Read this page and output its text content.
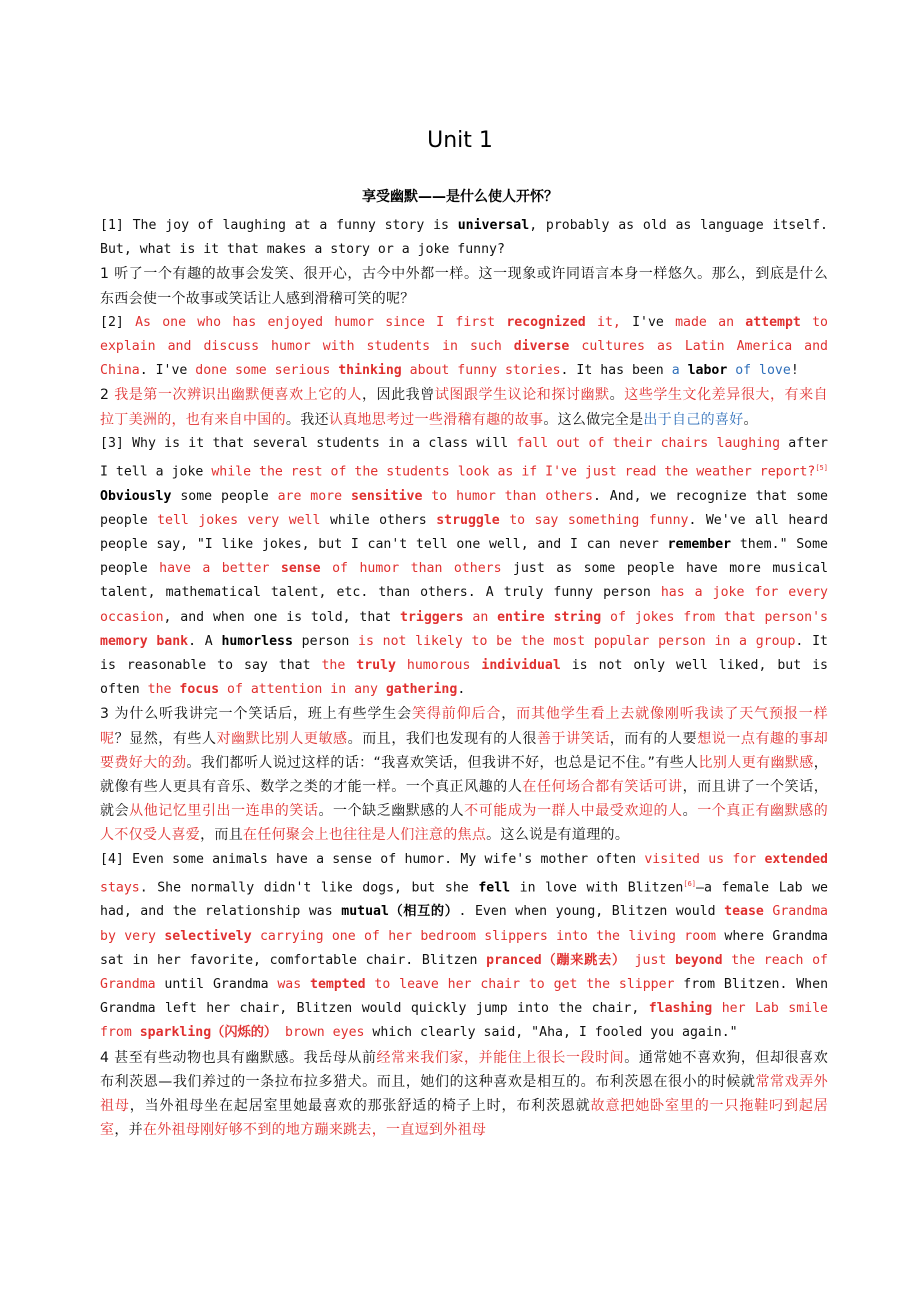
Unit 1
享受幽默——是什么使人开怀？

[1] The joy of laughing at a funny story is universal, probably as old as language itself. But, what is it that makes a story or a joke funny?

1 听了一个有趣的故事会发笑、很开心，古今中外都一样。这一现象或许同语言本身一样悠久。那么，到底是什么东西会使一个故事或笑话让人感到滑稽可笑的呢？

[2] As one who has enjoyed humor since I first recognized it, I've made an attempt to explain and discuss humor with students in such diverse cultures as Latin America and China. I've done some serious thinking about funny stories. It has been a labor of love!

2 我是第一次辨识出幽默便喜欢上它的人，因此我曾试图跟学生议论和探讨幽默。这些学生文化差异很大，有来自拉丁美洲的，也有来自中国的。我还认真地思考过一些滑稽有趣的故事。这么做完全是出于自己的喜好。

[3] Why is it that several students in a class will fall out of their chairs laughing after I tell a joke while the rest of the students look as if I've just read the weather report?[5] Obviously some people are more sensitive to humor than others. And, we recognize that some people tell jokes very well while others struggle to say something funny. We've all heard people say, "I like jokes, but I can't tell one well, and I can never remember them." Some people have a better sense of humor than others just as some people have more musical talent, mathematical talent, etc. than others. A truly funny person has a joke for every occasion, and when one is told, that triggers an entire string of jokes from that person's memory bank. A humorless person is not likely to be the most popular person in a group. It is reasonable to say that the truly humorous individual is not only well liked, but is often the focus of attention in any gathering.

3 为什么听我讲完一个笑话后，班上有些学生会笑得前仰后合，而其他学生看上去就像刚听我读了天气预报一样呢？显然，有些人对幽默比别人更敏感。而且，我们也发现有的人很善于讲笑话，而有的人要想说一点有趣的事却要费好大的劲。我们都听人说过这样的话：“我喜欢笑话，但我讲不好，也总是记不住。”有些人比别人更有幽默感，就像有些人更具有音乐、数学之类的才能一样。一个真正风趣的人在任何场合都有笑话可讲，而且讲了一个笑话，就会从他记忆里引出一连串的笑话。一个缺乏幽默感的人不可能成为一群人中最受欢迎的人。一个真正有幽默感的人不仅受人喜爱，而且在任何聚会上也往往是人们注意的焦点。这么说是有道理的。

[4] Even some animals have a sense of humor. My wife's mother often visited us for extended stays. She normally didn't like dogs, but she fell in love with Blitzen[6]—a female Lab we had, and the relationship was mutual（相互的）. Even when young, Blitzen would tease Grandma by very selectively carrying one of her bedroom slippers into the living room where Grandma sat in her favorite, comfortable chair. Blitzen pranced（蹦来跳去） just beyond the reach of Grandma until Grandma was tempted to leave her chair to get the slipper from Blitzen. When Grandma left her chair, Blitzen would quickly jump into the chair, flashing her Lab smile from sparkling（闪烁的） brown eyes which clearly said, "Aha, I fooled you again."

4 甚至有些动物也具有幽默感。我岳母从前经常来我们家，并能住上很长一段时间。通常她不喜欢狗，但却很喜欢布利茨恩—我们养过的一条拉布拉多猎犬。而且，她们的这种喜欢是相互的。布利茨恩在很小的时候就常常戏弄外祖母，当外祖母坐在起居室里她最喜欢的那张舒适的椅子上时，布利茨恩就故意把她卧室里的一只拖鞋叼到起居室，并在外祖母刚好够不到的地方蹦来跳去，一直逗到外祖母
